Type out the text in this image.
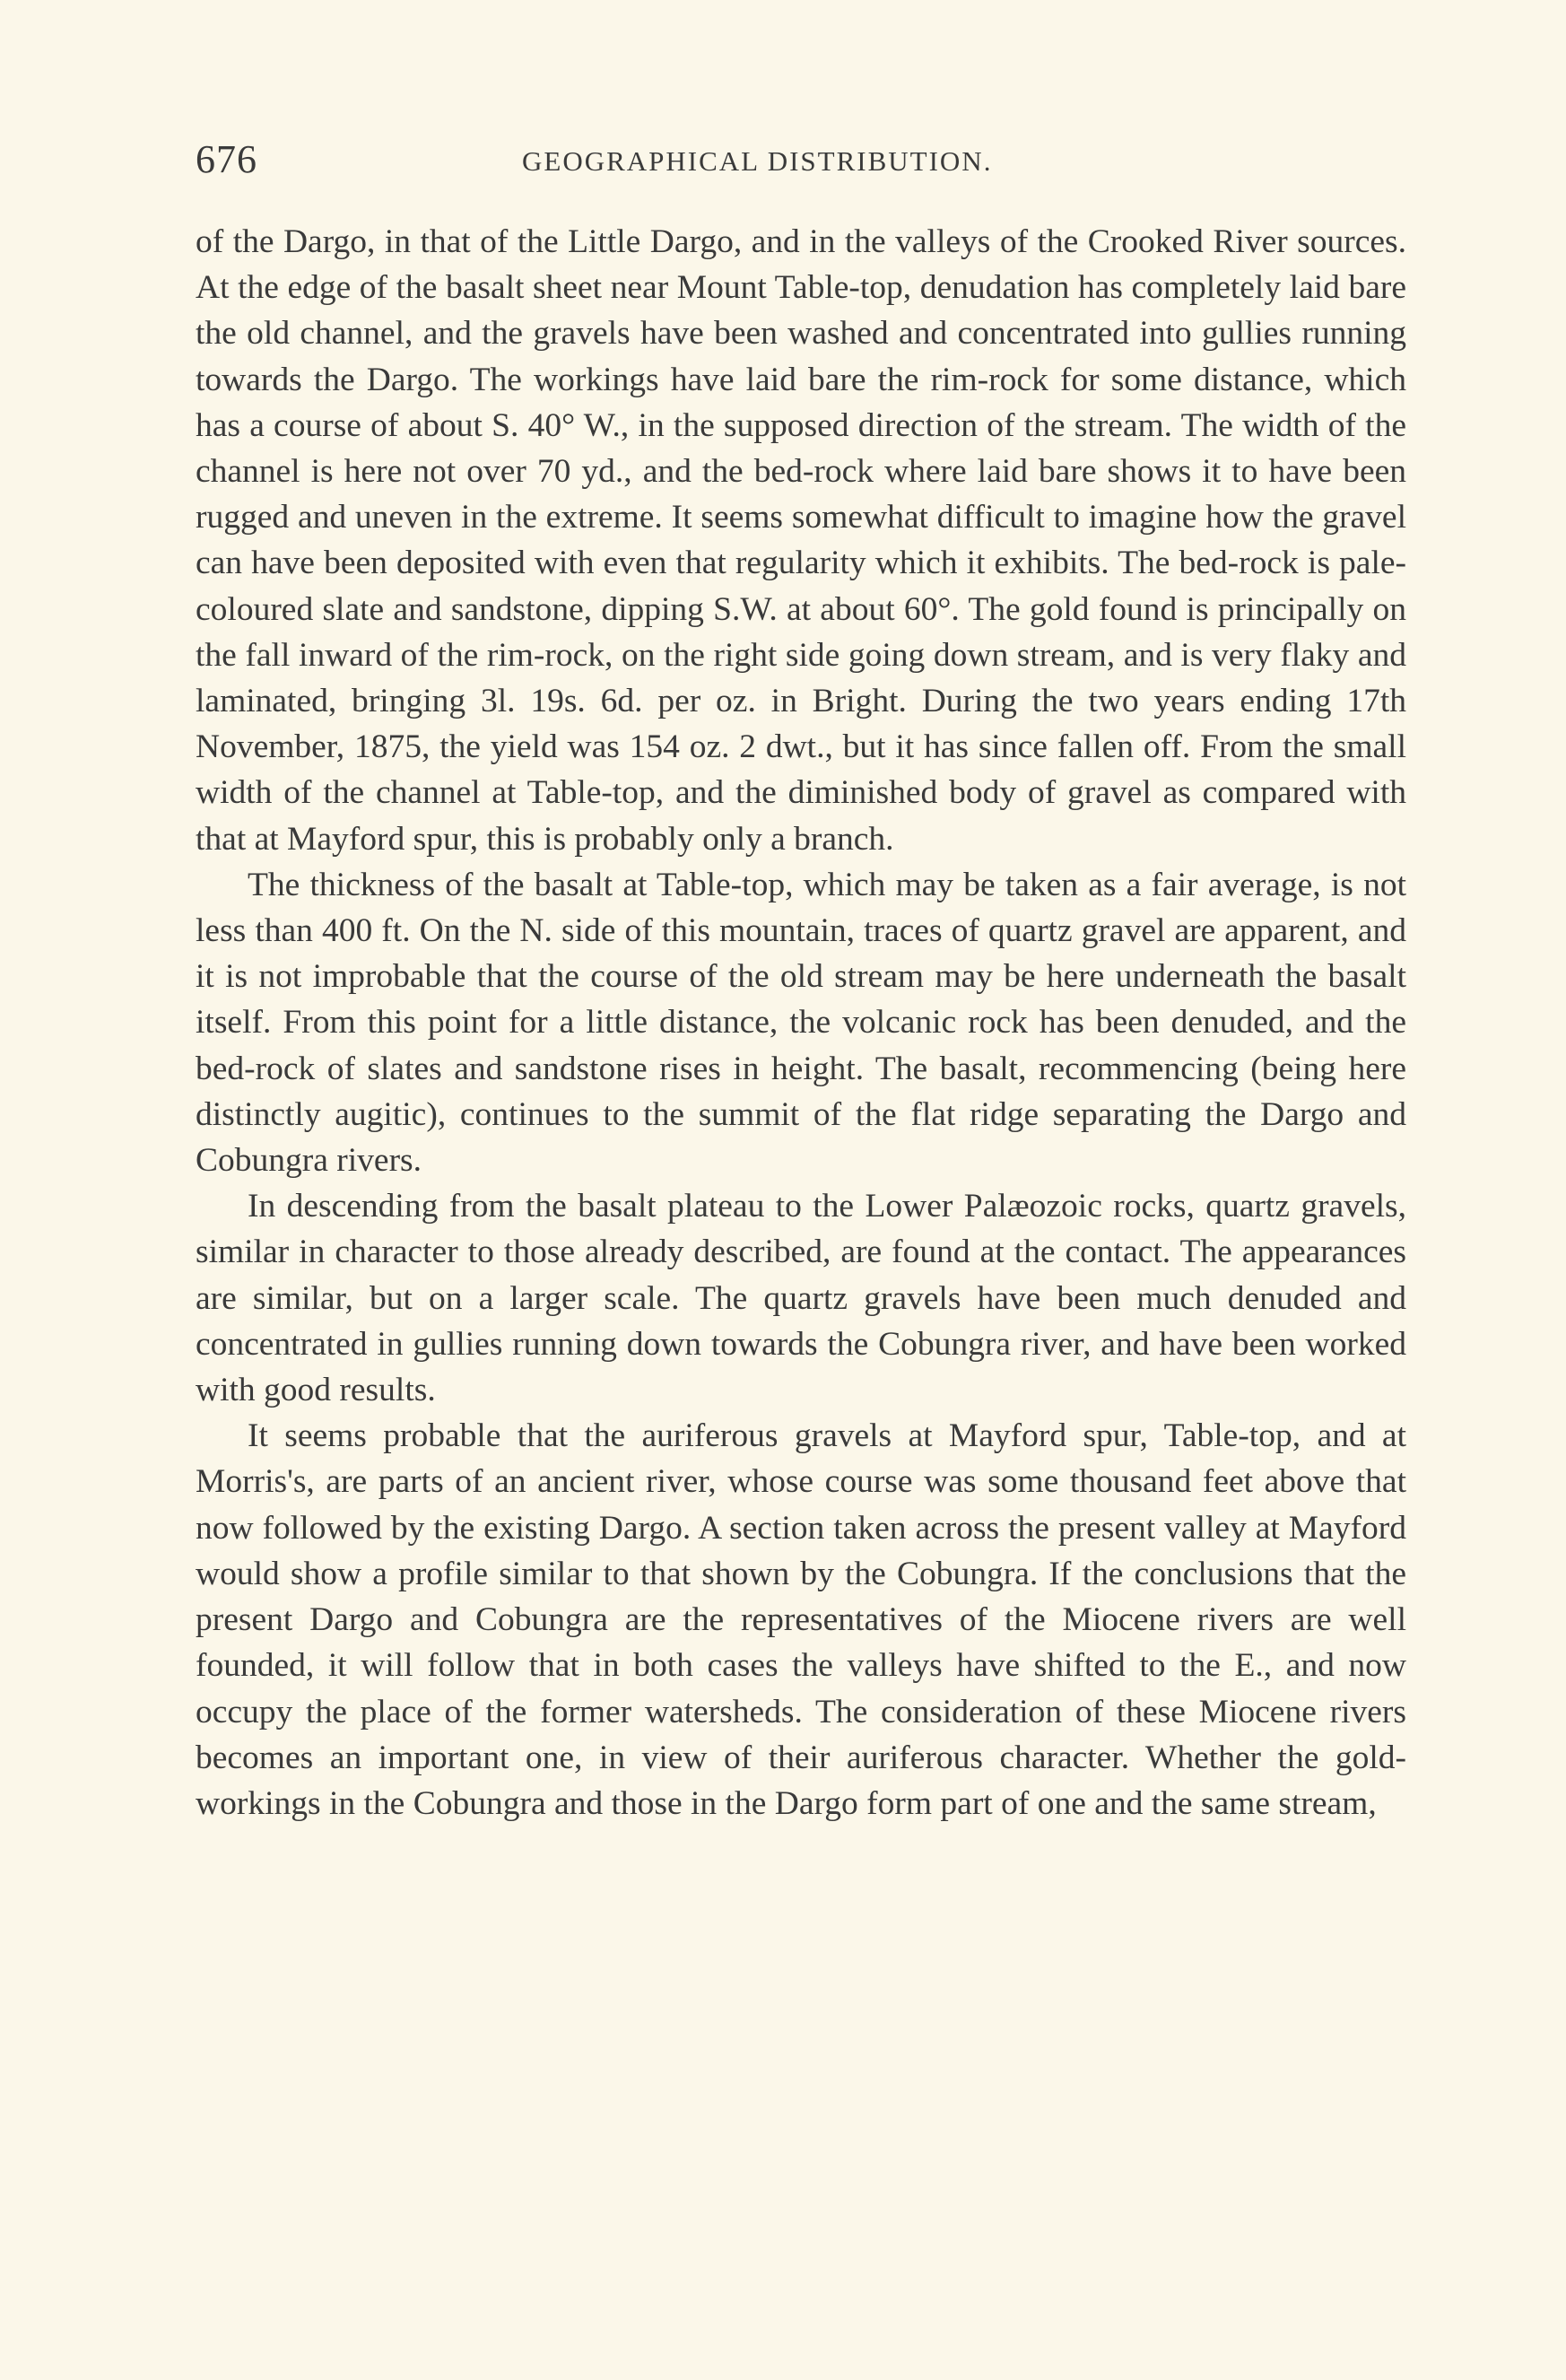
676	GEOGRAPHICAL DISTRIBUTION.

of the Dargo, in that of the Little Dargo, and in the valleys of the Crooked River sources. At the edge of the basalt sheet near Mount Table-top, denudation has completely laid bare the old channel, and the gravels have been washed and concentrated into gullies running towards the Dargo. The workings have laid bare the rim-rock for some distance, which has a course of about S. 40° W., in the supposed direction of the stream. The width of the channel is here not over 70 yd., and the bed-rock where laid bare shows it to have been rugged and uneven in the extreme. It seems somewhat difficult to imagine how the gravel can have been deposited with even that regularity which it exhibits. The bed-rock is pale-coloured slate and sandstone, dipping S.W. at about 60°. The gold found is principally on the fall inward of the rim-rock, on the right side going down stream, and is very flaky and laminated, bringing 3l. 19s. 6d. per oz. in Bright. During the two years ending 17th November, 1875, the yield was 154 oz. 2 dwt., but it has since fallen off. From the small width of the channel at Table-top, and the diminished body of gravel as compared with that at Mayford spur, this is probably only a branch.

The thickness of the basalt at Table-top, which may be taken as a fair average, is not less than 400 ft. On the N. side of this mountain, traces of quartz gravel are apparent, and it is not improbable that the course of the old stream may be here underneath the basalt itself. From this point for a little distance, the volcanic rock has been denuded, and the bed-rock of slates and sandstone rises in height. The basalt, recommencing (being here distinctly augitic), continues to the summit of the flat ridge separating the Dargo and Cobungra rivers.

In descending from the basalt plateau to the Lower Palæozoic rocks, quartz gravels, similar in character to those already described, are found at the contact. The appearances are similar, but on a larger scale. The quartz gravels have been much denuded and concentrated in gullies running down towards the Cobungra river, and have been worked with good results.

It seems probable that the auriferous gravels at Mayford spur, Table-top, and at Morris's, are parts of an ancient river, whose course was some thousand feet above that now followed by the existing Dargo. A section taken across the present valley at Mayford would show a profile similar to that shown by the Cobungra. If the conclusions that the present Dargo and Cobungra are the representatives of the Miocene rivers are well founded, it will follow that in both cases the valleys have shifted to the E., and now occupy the place of the former watersheds. The consideration of these Miocene rivers becomes an important one, in view of their auriferous character. Whether the gold-workings in the Cobungra and those in the Dargo form part of one and the same stream,
